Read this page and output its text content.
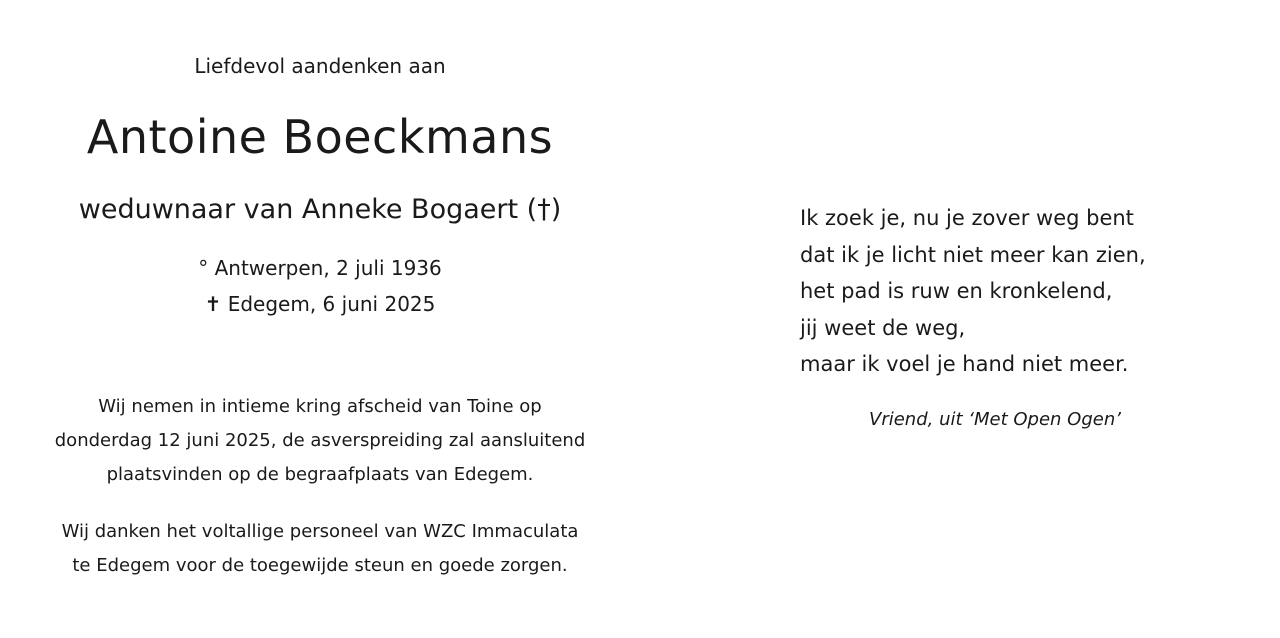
Liefdevol aandenken aan
Antoine Boeckmans
weduwnaar van Anneke Bogaert (†)
° Antwerpen, 2 juli 1936
✝ Edegem, 6 juni 2025
Wij nemen in intieme kring afscheid van Toine op
donderdag 12 juni 2025, de asverspreiding zal aansluitend
plaatsvinden op de begraafplaats van Edegem.
Wij danken het voltallige personeel van WZC Immaculata
te Edegem voor de toegewijde steun en goede zorgen.
Ik zoek je, nu je zover weg bent
dat ik je licht niet meer kan zien,
het pad is ruw en kronkelend,
jij weet de weg,
maar ik voel je hand niet meer.
Vriend, uit ‘Met Open Ogen’
